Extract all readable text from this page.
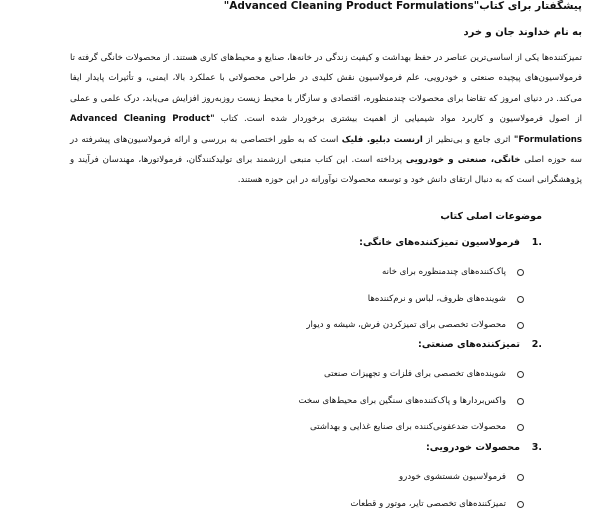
پیشگفتار برای کتاب"Advanced Cleaning Product Formulations"
به نام خداوند جان و خرد

تمیزکننده‌ها یکی از اساسی‌ترین عناصر در حفظ بهداشت و کیفیت زندگی در خانه‌ها، صنایع و محیط‌های کاری هستند. از محصولات خانگی گرفته تا فرمولاسیون‌های پیچیده صنعتی و خودرویی، علم فرمولاسیون نقش کلیدی در طراحی محصولاتی با عملکرد بالا، ایمنی، و تأثیرات پایدار ایفا می‌کند. در دنیای امروز که تقاضا برای محصولات چندمنظوره، اقتصادی و سازگار با محیط زیست روزبه‌روز افزایش می‌یابد، درک علمی و عملی از اصول فرمولاسیون و کاربرد مواد شیمیایی از اهمیت بیشتری برخوردار شده است. کتاب "Advanced Cleaning Product Formulations" اثری جامع و بی‌نظیر از ارنست دبلیو. فلیک است که به طور اختصاصی به بررسی و ارائه فرمولاسیون‌های پیشرفته در سه حوزه اصلی خانگی، صنعتی و خودرویی پرداخته است. این کتاب منبعی ارزشمند برای تولیدکنندگان، فرمولاتورها، مهندسان فرآیند و پژوهشگرانی است که به دنبال ارتقای دانش خود و توسعه محصولات نوآورانه در این حوزه هستند.

موضوعات اصلی کتاب
.1
فرمولاسیون تمیزکننده‌های خانگی:
پاک‌کننده‌های چندمنظوره برای خانه
شوینده‌های ظروف، لباس و نرم‌کننده‌ها
محصولات تخصصی برای تمیزکردن فرش، شیشه و دیوار
.2
تمیزکننده‌های صنعتی:
شوینده‌های تخصصی برای فلزات و تجهیزات صنعتی
واکس‌بردارها و پاک‌کننده‌های سنگین برای محیط‌های سخت
محصولات ضدعفونی‌کننده برای صنایع غذایی و بهداشتی
.3
محصولات خودرویی:
فرمولاسیون شستشوی خودرو
تمیزکننده‌های تخصصی تایر، موتور و قطعات
